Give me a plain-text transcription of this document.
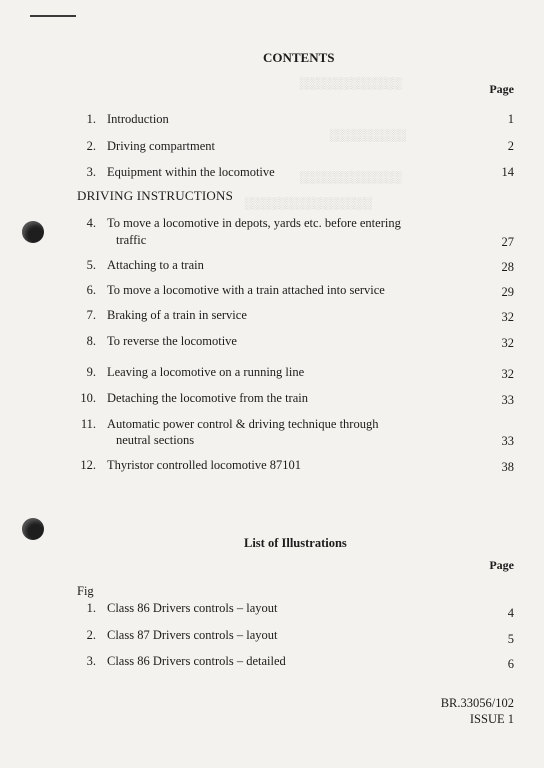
░░░░░░░░░░░░
░░░░░░░░░
░░░░░░░░░░░░
░░░░░░░░░░░░░░░
CONTENTS
Page
1. Introduction	1
2. Driving compartment	2
3. Equipment within the locomotive	14
DRIVING INSTRUCTIONS
4. To move a locomotive in depots, yards etc. before entering
traffic	27
5. Attaching to a train	28
6. To move a locomotive with a train attached into service	29
7. Braking of a train in service	32
8. To reverse the locomotive	32
9. Leaving a locomotive on a running line	32
10. Detaching the locomotive from the train	33
11. Automatic power control & driving technique through
neutral sections	33
12. Thyristor controlled locomotive 87101	38
List of Illustrations
Page
Fig
1. Class 86 Drivers controls – layout	4
2. Class 87 Drivers controls – layout	5
3. Class 86 Drivers controls – detailed	6
BR.33056/102
ISSUE 1
